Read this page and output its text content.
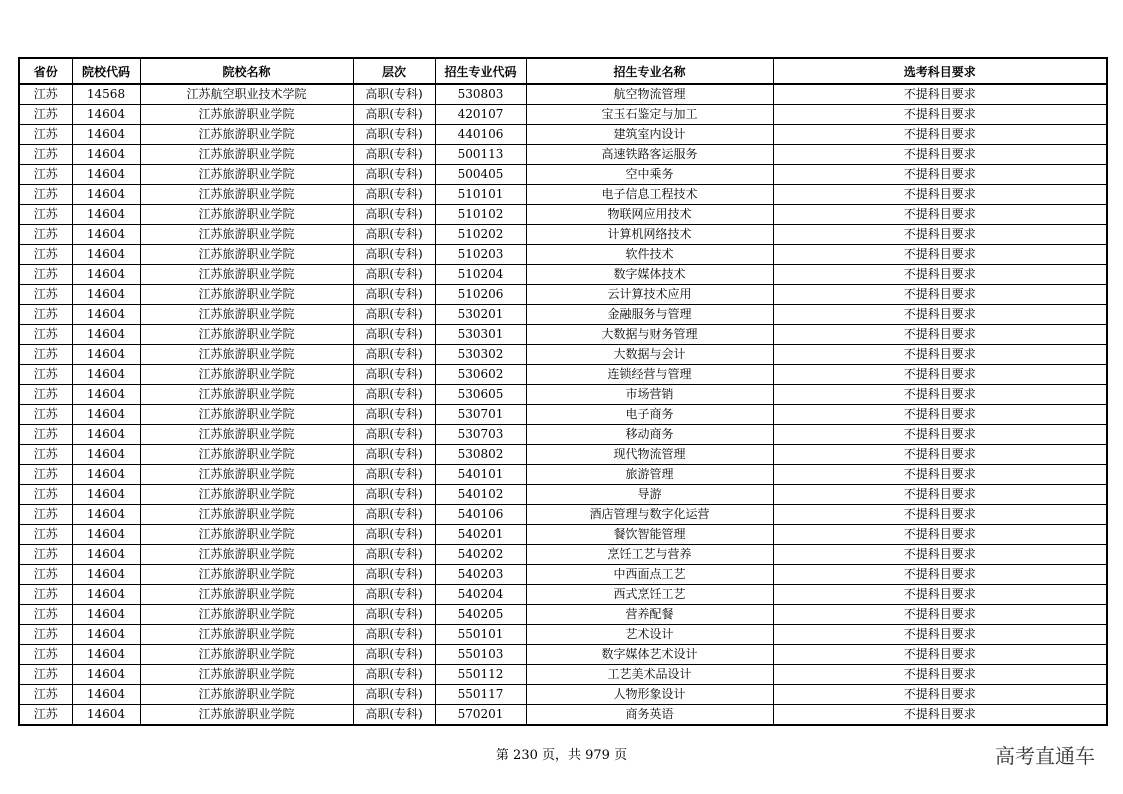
省份	院校代码	院校名称	层次	招生专业代码	招生专业名称	选考科目要求
江苏	14568	江苏航空职业技术学院	高职(专科)	530803	航空物流管理	不提科目要求
江苏	14604	江苏旅游职业学院	高职(专科)	420107	宝玉石鉴定与加工	不提科目要求
江苏	14604	江苏旅游职业学院	高职(专科)	440106	建筑室内设计	不提科目要求
江苏	14604	江苏旅游职业学院	高职(专科)	500113	高速铁路客运服务	不提科目要求
江苏	14604	江苏旅游职业学院	高职(专科)	500405	空中乘务	不提科目要求
江苏	14604	江苏旅游职业学院	高职(专科)	510101	电子信息工程技术	不提科目要求
江苏	14604	江苏旅游职业学院	高职(专科)	510102	物联网应用技术	不提科目要求
江苏	14604	江苏旅游职业学院	高职(专科)	510202	计算机网络技术	不提科目要求
江苏	14604	江苏旅游职业学院	高职(专科)	510203	软件技术	不提科目要求
江苏	14604	江苏旅游职业学院	高职(专科)	510204	数字媒体技术	不提科目要求
江苏	14604	江苏旅游职业学院	高职(专科)	510206	云计算技术应用	不提科目要求
江苏	14604	江苏旅游职业学院	高职(专科)	530201	金融服务与管理	不提科目要求
江苏	14604	江苏旅游职业学院	高职(专科)	530301	大数据与财务管理	不提科目要求
江苏	14604	江苏旅游职业学院	高职(专科)	530302	大数据与会计	不提科目要求
江苏	14604	江苏旅游职业学院	高职(专科)	530602	连锁经营与管理	不提科目要求
江苏	14604	江苏旅游职业学院	高职(专科)	530605	市场营销	不提科目要求
江苏	14604	江苏旅游职业学院	高职(专科)	530701	电子商务	不提科目要求
江苏	14604	江苏旅游职业学院	高职(专科)	530703	移动商务	不提科目要求
江苏	14604	江苏旅游职业学院	高职(专科)	530802	现代物流管理	不提科目要求
江苏	14604	江苏旅游职业学院	高职(专科)	540101	旅游管理	不提科目要求
江苏	14604	江苏旅游职业学院	高职(专科)	540102	导游	不提科目要求
江苏	14604	江苏旅游职业学院	高职(专科)	540106	酒店管理与数字化运营	不提科目要求
江苏	14604	江苏旅游职业学院	高职(专科)	540201	餐饮智能管理	不提科目要求
江苏	14604	江苏旅游职业学院	高职(专科)	540202	烹饪工艺与营养	不提科目要求
江苏	14604	江苏旅游职业学院	高职(专科)	540203	中西面点工艺	不提科目要求
江苏	14604	江苏旅游职业学院	高职(专科)	540204	西式烹饪工艺	不提科目要求
江苏	14604	江苏旅游职业学院	高职(专科)	540205	营养配餐	不提科目要求
江苏	14604	江苏旅游职业学院	高职(专科)	550101	艺术设计	不提科目要求
江苏	14604	江苏旅游职业学院	高职(专科)	550103	数字媒体艺术设计	不提科目要求
江苏	14604	江苏旅游职业学院	高职(专科)	550112	工艺美术品设计	不提科目要求
江苏	14604	江苏旅游职业学院	高职(专科)	550117	人物形象设计	不提科目要求
江苏	14604	江苏旅游职业学院	高职(专科)	570201	商务英语	不提科目要求
第 230 页，共 979 页	高考直通车
